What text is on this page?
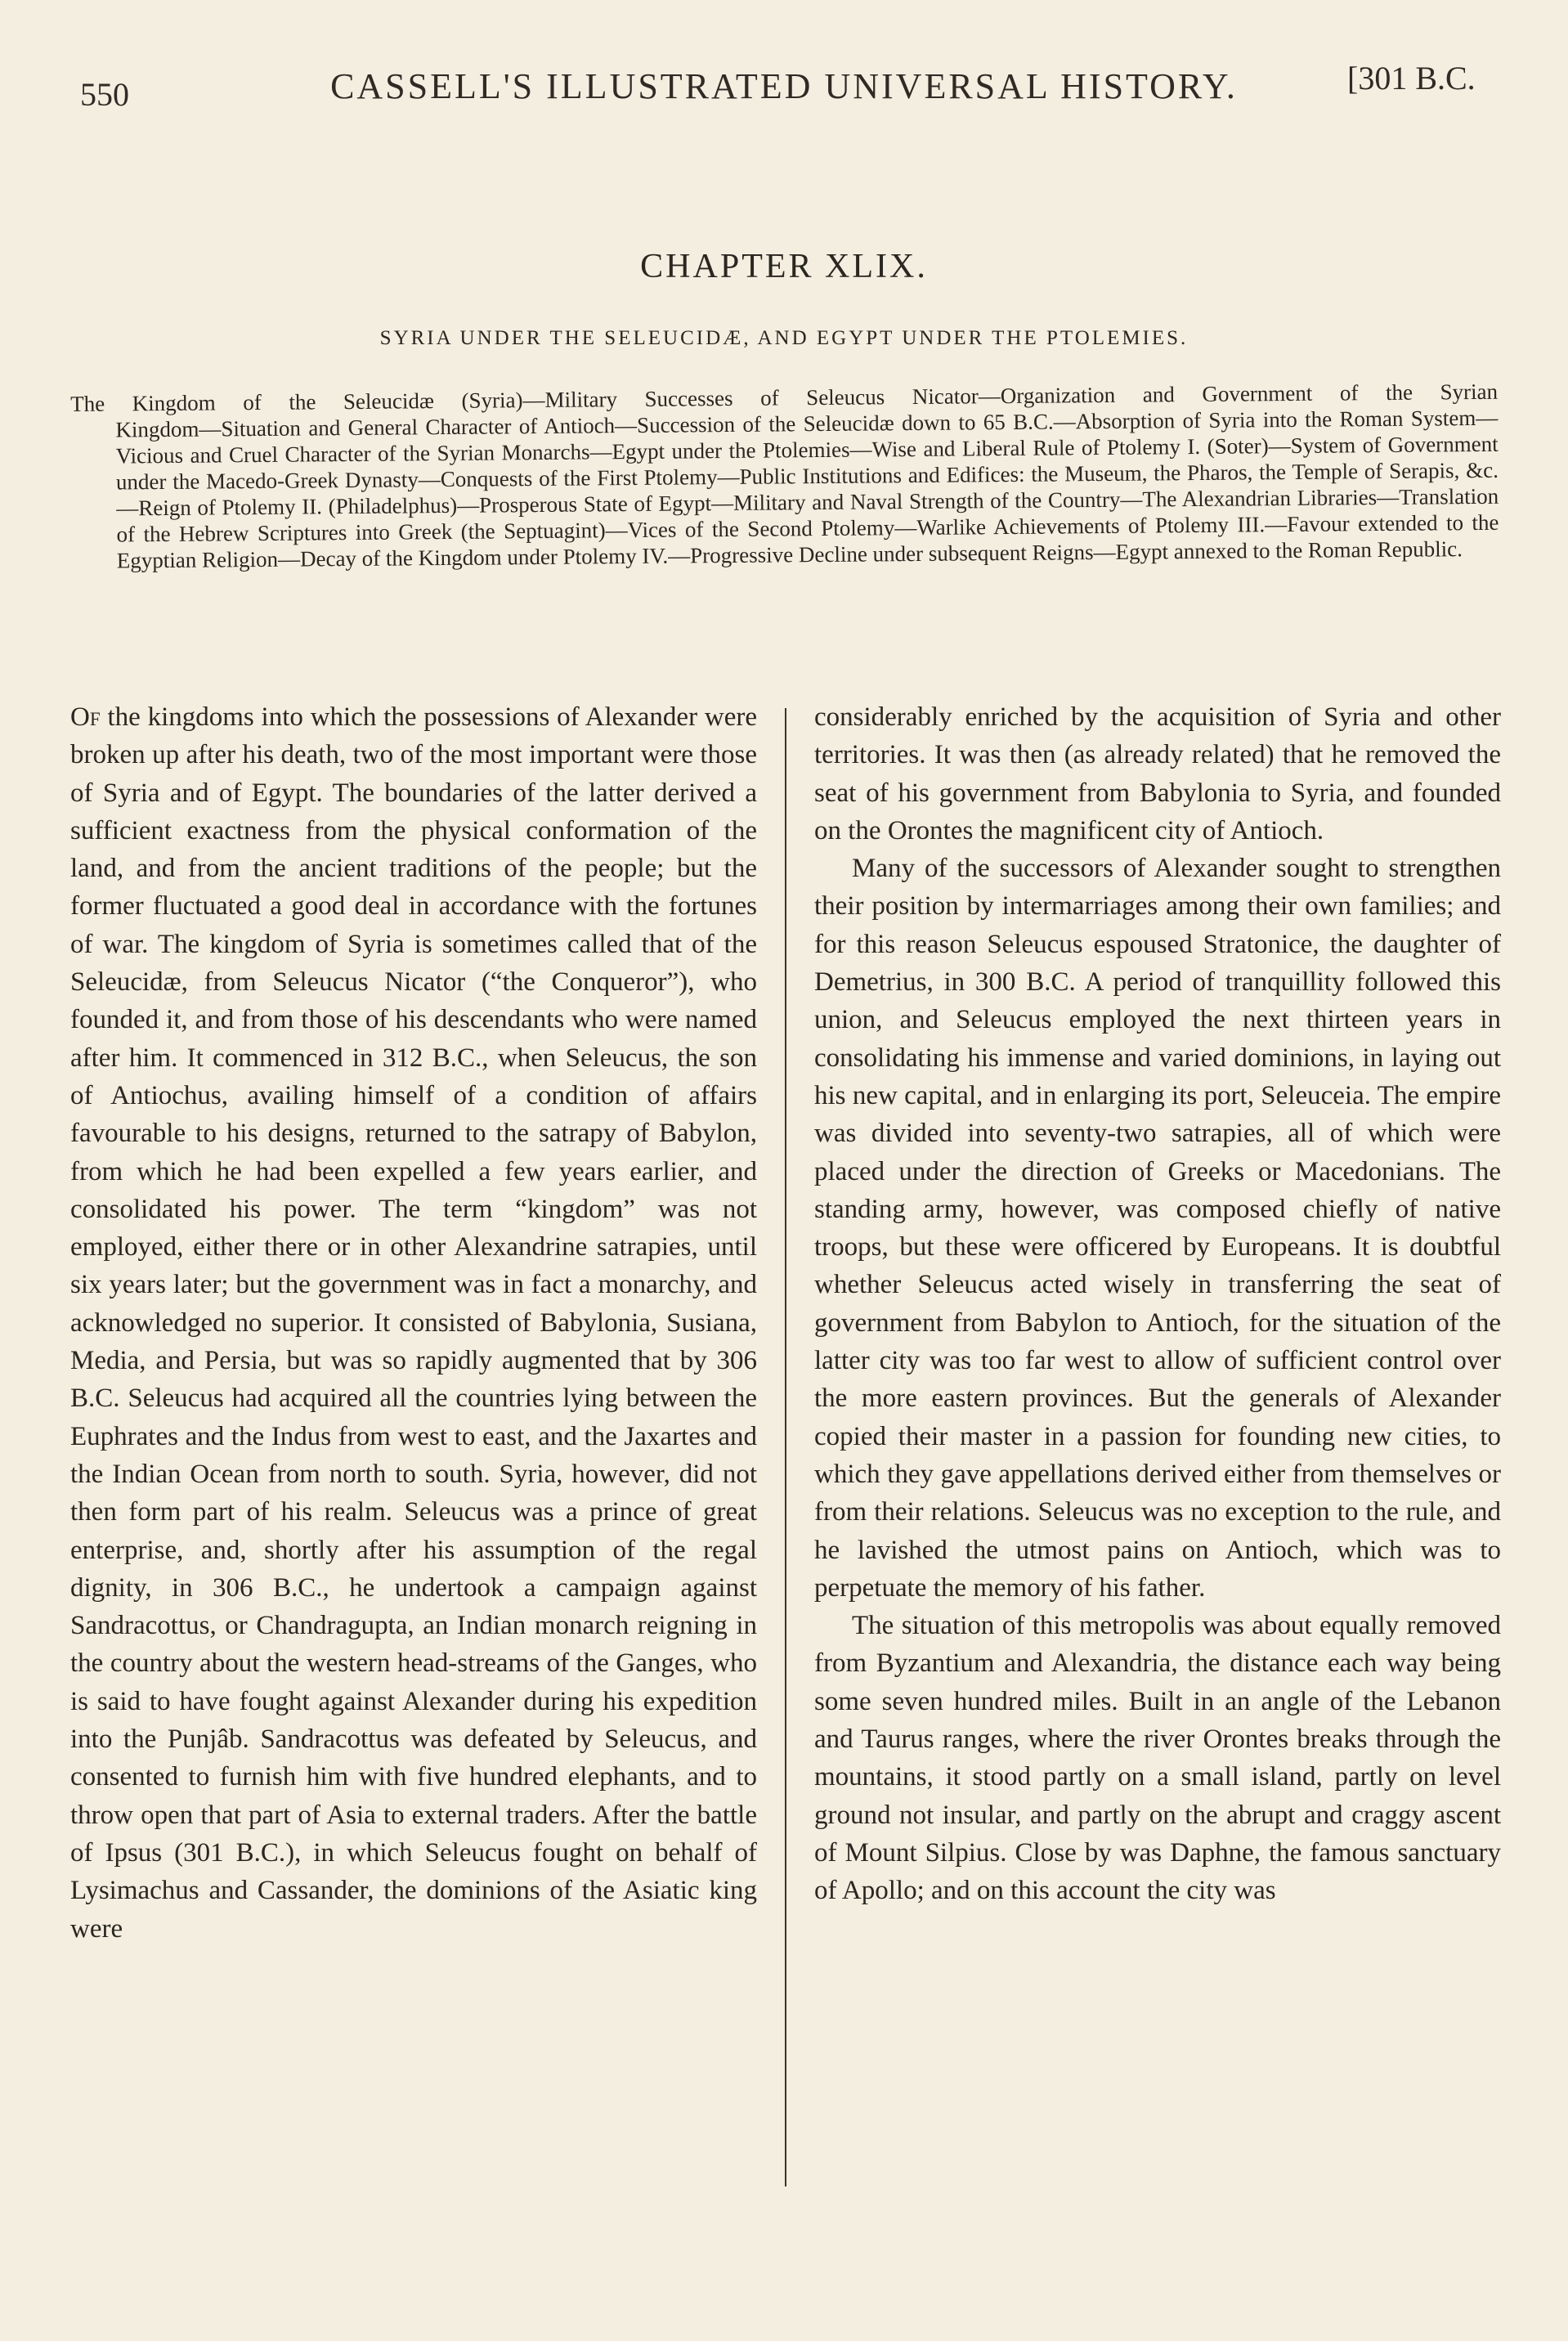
550	CASSELL'S ILLUSTRATED UNIVERSAL HISTORY.	[301 B.C.
CHAPTER XLIX.
SYRIA UNDER THE SELEUCIDÆ, AND EGYPT UNDER THE PTOLEMIES.
The Kingdom of the Seleucidæ (Syria)—Military Successes of Seleucus Nicator—Organization and Government of the Syrian
Kingdom—Situation and General Character of Antioch—Succession of the Seleucidæ down to 65 B.C.—Absorption of Syria into the Roman System—Vicious and Cruel Character of the Syrian Monarchs—Egypt under the Ptolemies—Wise and Liberal Rule of Ptolemy I. (Soter)—System of Government under the Macedo-Greek Dynasty—Conquests of the First Ptolemy—Public Institutions and Edifices: the Museum, the Pharos, the Temple of Serapis, &c.—Reign of Ptolemy II. (Philadelphus)—Prosperous State of Egypt—Military and Naval Strength of the Country—The Alexandrian Libraries—Translation of the Hebrew Scriptures into Greek (the Septuagint)—Vices of the Second Ptolemy—Warlike Achievements of Ptolemy III.—Favour extended to the Egyptian Religion—Decay of the Kingdom under Ptolemy IV.—Progressive Decline under subsequent Reigns—Egypt annexed to the Roman Republic.

Of the kingdoms into which the possessions of Alexander were broken up after his death, two of the most important were those of Syria and of Egypt. The boundaries of the latter derived a sufficient exactness from the physical conformation of the land, and from the ancient traditions of the people; but the former fluctuated a good deal in accordance with the fortunes of war. The kingdom of Syria is sometimes called that of the Seleucidæ, from Seleucus Nicator (“the Conqueror”), who founded it, and from those of his descendants who were named after him. It commenced in 312 B.C., when Seleucus, the son of Antiochus, availing himself of a condition of affairs favourable to his designs, returned to the satrapy of Babylon, from which he had been expelled a few years earlier, and consolidated his power. The term “kingdom” was not employed, either there or in other Alexandrine satrapies, until six years later; but the government was in fact a monarchy, and acknowledged no superior. It consisted of Babylonia, Susiana, Media, and Persia, but was so rapidly augmented that by 306 B.C. Seleucus had acquired all the countries lying between the Euphrates and the Indus from west to east, and the Jaxartes and the Indian Ocean from north to south. Syria, however, did not then form part of his realm. Seleucus was a prince of great enterprise, and, shortly after his assumption of the regal dignity, in 306 B.C., he undertook a campaign against Sandracottus, or Chandragupta, an Indian monarch reigning in the country about the western head-streams of the Ganges, who is said to have fought against Alexander during his expedition into the Punjâb. Sandracottus was defeated by Seleucus, and consented to furnish him with five hundred elephants, and to throw open that part of Asia to external traders. After the battle of Ipsus (301 B.C.), in which Seleucus fought on behalf of Lysimachus and Cassander, the dominions of the Asiatic king were

considerably enriched by the acquisition of Syria and other territories. It was then (as already related) that he removed the seat of his government from Babylonia to Syria, and founded on the Orontes the magnificent city of Antioch.

Many of the successors of Alexander sought to strengthen their position by intermarriages among their own families; and for this reason Seleucus espoused Stratonice, the daughter of Demetrius, in 300 B.C. A period of tranquillity followed this union, and Seleucus employed the next thirteen years in consolidating his immense and varied dominions, in laying out his new capital, and in enlarging its port, Seleuceia. The empire was divided into seventy-two satrapies, all of which were placed under the direction of Greeks or Macedonians. The standing army, however, was composed chiefly of native troops, but these were officered by Europeans. It is doubtful whether Seleucus acted wisely in transferring the seat of government from Babylon to Antioch, for the situation of the latter city was too far west to allow of sufficient control over the more eastern provinces. But the generals of Alexander copied their master in a passion for founding new cities, to which they gave appellations derived either from themselves or from their relations. Seleucus was no exception to the rule, and he lavished the utmost pains on Antioch, which was to perpetuate the memory of his father.

The situation of this metropolis was about equally removed from Byzantium and Alexandria, the distance each way being some seven hundred miles. Built in an angle of the Lebanon and Taurus ranges, where the river Orontes breaks through the mountains, it stood partly on a small island, partly on level ground not insular, and partly on the abrupt and craggy ascent of Mount Silpius. Close by was Daphne, the famous sanctuary of Apollo; and on this account the city was
